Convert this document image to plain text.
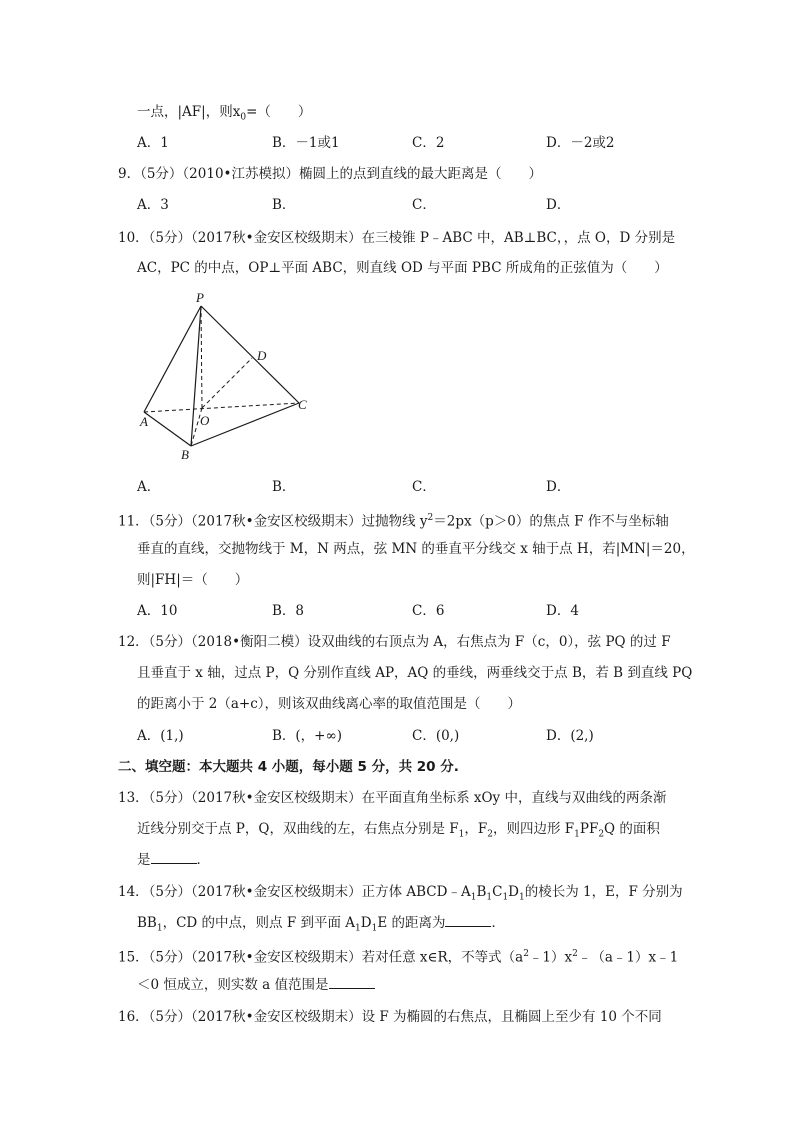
一点，|AF|，则$x_0=$（　　）
A．1	B．－1或1	C．2	D．－2或2
9．（5分）（2010•江苏模拟）椭圆上的点到直线的最大距离是（　　）
A．3	B．	C．	D．
10．（5分）（2017秋•金安区校级期末）在三棱锥 P﹣ABC 中，AB⊥BC，，点 O，D 分别是
AC，PC 的中点，OP⊥平面 ABC，则直线 OD 与平面 PBC 所成角的正弦值为（　　）
P
D
C
A	O
B
A．	B．	C．	D．
11．（5分）（2017秋•金安区校级期末）过抛物线 $y^2=2px(p>0)$的焦点 F 作不与坐标轴
垂直的直线，交抛物线于 M，N 两点，弦 MN 的垂直平分线交 x 轴于点 H，若|MN|＝20，
则|FH|＝（　　）
A．10	B．8	C．6	D．4
12．（5分）（2018•衡阳二模）设双曲线的右顶点为 A，右焦点为 F（c，0），弦 PQ 的过 F
且垂直于 x 轴，过点 P，Q 分别作直线 AP，AQ 的垂线，两垂线交于点 B，若 B 到直线 PQ
的距离小于 2（a+c），则该双曲线离心率的取值范围是（　　）
A．(1,)	B．(，+∞)	C．(0,)	D．(2,)
二、填空题：本大题共 4 小题，每小题 5 分，共 20 分.
13．（5分）（2017秋•金安区校级期末）在平面直角坐标系 xOy 中，直线与双曲线的两条渐
近线分别交于点 P，Q，双曲线的左，右焦点分别是 $F_1$，$F_2$，则四边形 $F_1PF_2Q$ 的面积
是	．
14．（5分）（2017秋•金安区校级期末）正方体 $ABCD﹣A_1B_1C_1D_1$的棱长为 1，E，F 分别为
$BB_1$，CD 的中点，则点 F 到平面 $A_1D_1E$ 的距离为	．
15．（5分）（2017秋•金安区校级期末）若对任意 x∈R，不等式$(a^2﹣1)x^2﹣(a﹣1)x﹣1$
＜0 恒成立，则实数 a 值范围是
16．（5分）（2017秋•金安区校级期末）设 F 为椭圆的右焦点，且椭圆上至少有 10 个不同
